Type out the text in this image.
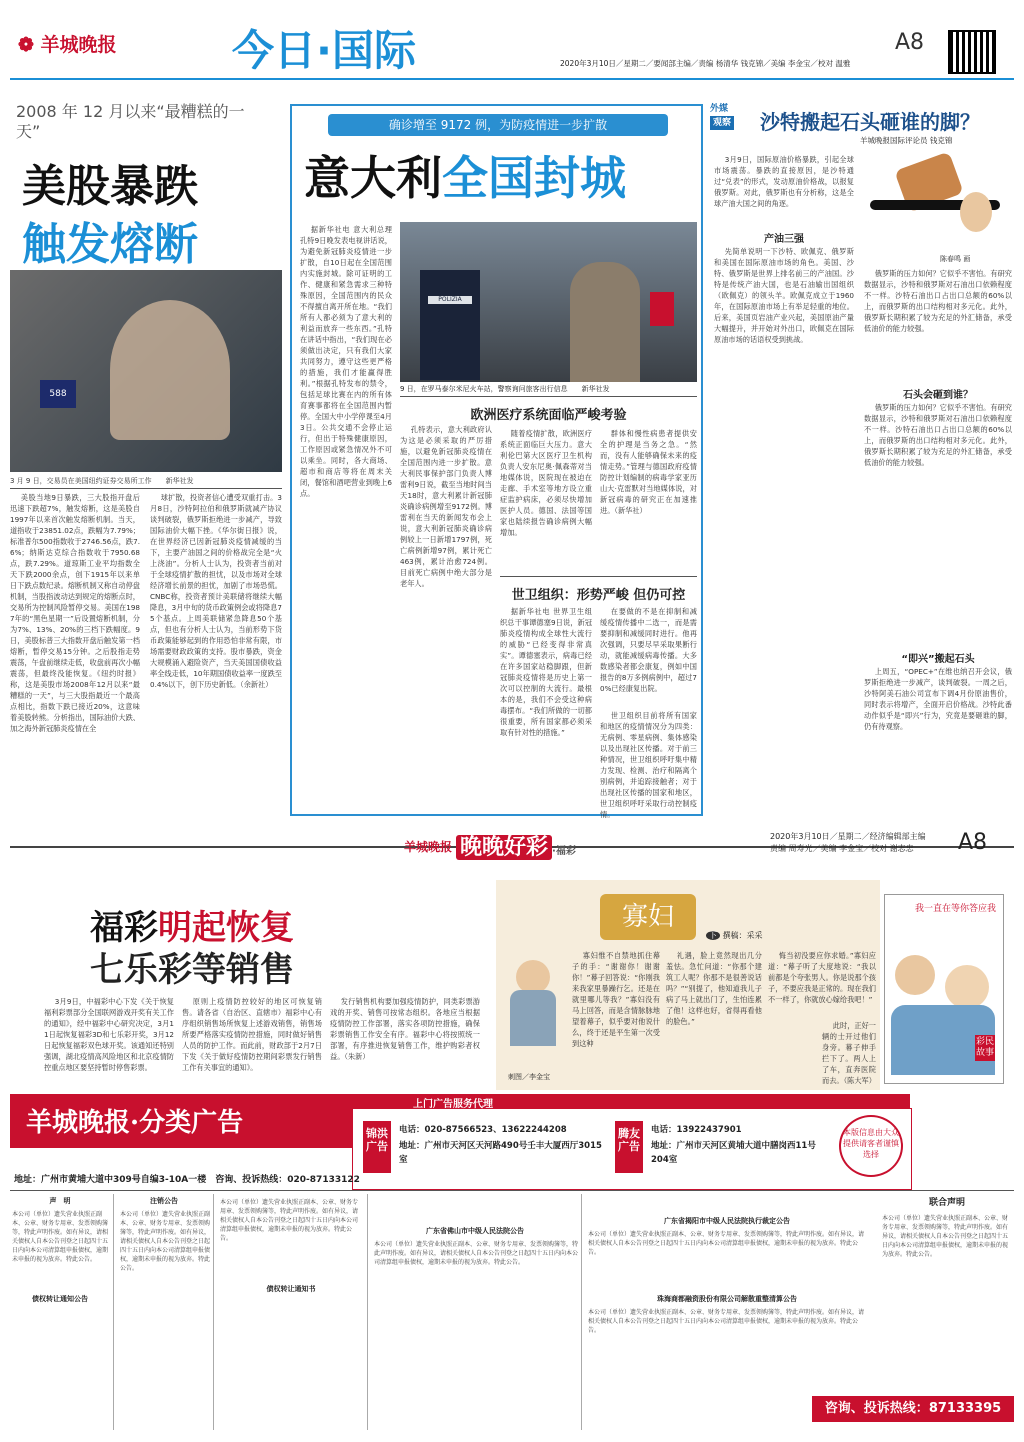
❁ 羊城晚报	今日·国际	A8
2020年3月10日／星期二／要闻部主编／责编 杨清华 钱克锦／美编 李金宝／校对 温雅
2008 年 12 月以来“最糟糕的一天”
美股暴跌
触发熔断
588
3 月 9 日，交易员在美国纽约证券交易所工作　　新华社发
美股当地9日暴跌，三大股指开盘后迅速下跌超7%，触发熔断，这是美股自1997年以来首次触发熔断机制。当天，道指收于23851.02点，跌幅为7.79%；标准普尔500指数收于2746.56点，跌7.6%；纳斯达克综合指数收于7950.68点，跌7.29%。道琼斯工业平均指数全天下跌2000余点，创下1915年以来单日下跌点数纪录。熔断机制又称自动停盘机制，当股指波动达到规定的熔断点时，交易所为控制风险暂停交易。美国在1987年的“黑色星期一”后设置熔断机制，分为7%、13%、20%的三档下跌幅度。9日，美股标普三大指数开盘后触发第一档熔断，暂停交易15分钟。之后股指走势震荡，午盘前继续走低，收盘前再次小幅震荡，但最终没能恢复。《纽约时报》称，这是美股市场2008年12月以来“最糟糕的一天”，与三大股指最近一个最高点相比，指数下跌已接近20%，这意味着美股转熊。分析指出，国际油价大跌、加之海外新冠肺炎疫情在全
球扩散，投资者信心遭受双重打击。3月8日，沙特阿拉伯和俄罗斯就减产协议谈判破裂，俄罗斯拒绝进一步减产，导致国际油价大幅下挫。《华尔街日报》说，在世界经济已因新冠肺炎疫情减缓的当下，主要产油国之间的价格战完全是“火上浇油”。分析人士认为，投资者当前对于全球疫情扩散的担忧，以及市场对全球经济增长前景的担忧，加剧了市场恐慌。CNBC称，投资者预计美联储将继续大幅降息，3月中旬的货币政策例会或将降息75个基点。上周美联储紧急降息50个基点，但也有分析人士认为，当前形势下货币政策能够起到的作用恐怕非常有限，市场需要财政政策的支持。股市暴跌，资金大规模涌入避险资产，当天美国国债收益率全线走低，10年期国债收益率一度跌至0.4%以下，创下历史新低。（余新社）
确诊增至 9172 例，为防疫情进一步扩散
意大利全国封城
据新华社电 意大利总理孔特9日晚发表电视讲话说，为避免新冠肺炎疫情进一步扩散，自10日起在全国范围内实施封城。除可证明的工作、健康和紧急需求三种特殊原因，全国范围内的民众不得擅自离开所在地。“我们所有人都必须为了意大利的利益而放弃一些东西。”孔特在讲话中指出，“我们现在必须做出决定，只有我们大家共同努力，遵守这些更严格的措施，我们才能赢得胜利。”根据孔特发布的禁令，包括足球比赛在内的所有体育赛事都将在全国范围内暂停。全国大中小学停课至4月3日。公共交通不会停止运行，但出于特殊健康原因，工作原因或紧急情况外不可以乘坐。同时，各大商场、超市和商店等将在周末关闭，餐馆和酒吧营业到晚上6点。
POLIZIA
9 日，在罗马泰尔米尼火车站，警察询问旅客出行信息　　新华社发
欧洲医疗系统面临严峻考验
孔特表示，意大利政府认为这是必须采取的严厉措施，以避免新冠肺炎疫情在全国范围内进一步扩散。意大利民事保护部门负责人博雷利9日说，截至当地时间当天18时，意大利累计新冠肺炎确诊病例增至9172例。博雷利在当天的新闻发布会上说，意大利新冠肺炎确诊病例较上一日新增1797例，死亡病例新增97例，累计死亡463例，累计治愈724例。目前死亡病例中绝大部分是老年人。
随着疫情扩散，欧洲医疗系统正面临巨大压力。意大利伦巴第大区医疗卫生机构负责人安东尼奥·佩森蒂对当地媒体说，医院现在被迫在走廊、手术室等地方设立重症监护病床，必须尽快增加医护人员。德国、法国等国家也陆续报告确诊病例大幅增加。
群体和慢性病患者提供安全的护理是当务之急。“然而，没有人能够确保未来的疫情走势。”管理与德国政府疫情防控计划编制的病毒学家亚历山大·克雷默对当地媒体说，对新冠病毒的研究正在加速推进。（新华社）
世卫组织：形势严峻 但仍可控
据新华社电 世界卫生组织总干事谭德塞9日说，新冠肺炎疫情构成全球性大流行的威胁“已经变得非常真实”。谭德塞表示，病毒已经在许多国家站稳脚跟，但新冠肺炎疫情将是历史上第一次可以控制的大流行。最根本的是，我们不会受这种病毒摆布。“我们所做的一切都很重要，所有国家都必须采取有针对性的措施。”
在要做的不是在抑制和减缓疫情传播中二选一，而是需要抑制和减缓同时进行。他再次强调，只要尽早采取果断行动，就能减缓病毒传播。大多数感染者都会康复，例如中国报告的8万多例病例中，超过70%已经康复出院。
世卫组织目前将所有国家和地区的疫情情况分为四类：无病例、零星病例、集体感染以及出现社区传播。对于前三种情况，世卫组织呼吁集中精力发现、检测、治疗和隔离个别病例，并追踪接触者；对于出现社区传播的国家和地区，世卫组织呼吁采取行动控制疫情。
外媒
观察	沙特搬起石头砸谁的脚？
羊城晚报国际评论员 钱克锦
3月9日，国际原油价格暴跌，引起全球市场震荡。暴跌的直接原因，是沙特通过“兑表”的形式，发动原油价格战，以报复俄罗斯。对此，俄罗斯也有分析称，这是全球产油大国之间的角逐。
陈春鸣 画
产油三强
先简单说明一下沙特、欧佩克、俄罗斯和美国在国际原油市场的角色。美国、沙特、俄罗斯是世界上排名前三的产油国。沙特是传统产油大国，也是石油输出国组织（欧佩克）的领头羊。欧佩克成立于1960年，在国际原油市场上有举足轻重的地位。后来，美国页岩油产业兴起，美国原油产量大幅提升，并开始对外出口，欧佩克在国际原油市场的话语权受到挑战。
石头会砸到谁？
俄罗斯的压力如何？它似乎不害怕。有研究数据显示，沙特和俄罗斯对石油出口依赖程度不一样。沙特石油出口占出口总额的60%以上，而俄罗斯的出口结构相对多元化。此外，俄罗斯长期积累了较为充足的外汇储备，承受低油价的能力较强。
俄罗斯的压力如何？它似乎不害怕。有研究数据显示，沙特和俄罗斯对石油出口依赖程度不一样。沙特石油出口占出口总额的60%以上，而俄罗斯的出口结构相对多元化。此外，俄罗斯长期积累了较为充足的外汇储备，承受低油价的能力较强。
“即兴”搬起石头
上周五，“OPEC+”在维也纳召开会议，俄罗斯拒绝进一步减产，谈判破裂。一周之后，沙特阿美石油公司宣布下调4月份原油售价，同时表示将增产，全面开启价格战。沙特此番动作似乎是“即兴”行为，究竟是要砸谁的脚，仍有待观察。
羊城晚报 晚晚好彩 ·福彩
2020年3月10日／星期二／经济编辑部主编
责编 周寿光／美编 李金宝／校对 谢志忠 A8
福彩明起恢复
七乐彩等销售
3月9日，中福彩中心下发《关于恢复福利彩票部分全国联网游戏开奖有关工作的通知》，经中福彩中心研究决定，3月11日起恢复福彩3D和七乐彩开奖，3月12日起恢复福彩双色球开奖。该通知还特别强调，湖北疫情高风险地区和北京疫情防控重点地区要坚持暂时停售彩票。
原则上疫情防控较好的地区可恢复销售。请各省（自治区、直辖市）福彩中心有序组织销售场所恢复上述游戏销售，销售场所要严格落实疫情防控措施，同时做好销售人员的防护工作。而此前，财政部于2月7日下发《关于做好疫情防控期间彩票发行销售工作有关事宜的通知》。
发行销售机构要加强疫情防护，同类彩票游戏的开奖、销售可按常态组织。各地应当根据疫情防控工作部署，落实各项防控措施，确保彩票销售工作安全有序。福彩中心将按照统一部署，有序推进恢复销售工作，维护购彩者权益。（朱新）
寡妇
下 撰稿：采采
寡妇惟不自禁地抓住幕子的手：“谢谢你！谢谢你！”幕子回答说：“你刚我来我家里暴躁行乞。还是在就里哪儿等我？”寡妇没有马上回答，而是含情脉脉地望着幕子，似乎要对他说什么，终于还是平生第一次受到这种
礼遇，脸上竟然现出几分羞怯。急忙问道：“你那个建筑工人呢？你那不是很善说话吗？”“别提了，他知道我儿子病了马上就出门了，生怕连累了他！这样也好，省得再看他的脸色。”
悔当初没要应你求婚。”寡妇应道：“幕子听了大度地说：“我以前都是个夸张男人。你是说那个孩子，不要应我是正常的。现在我们不一样了，你就放心嫁给我吧！”
此时，正好一辆的士开过他们身旁。幕子伸手拦下了。两人上了车，直奔医院而去。（陈大军）
刺图／李金宝
我一直在等你答应我
彩民故事
羊城晚报·分类广告
上门广告服务代理
锦洪广告
电话：020-87566523、13622244208
地址：广州市天河区天河路490号壬丰大厦西厅3015室
腾友广告
电话：13922437901
地址：广州市天河区黄埔大道中膳岗西11号204室
本版信息由大众提供请客者谨慎选择
地址：广州市黄埔大道中309号自编3-10A一楼　咨询、投诉热线：020-87133122
声　明
本公司（单位）遗失营业执照正副本、公章、财务专用章、发票领购簿等，特此声明作废。如有异议，请相关债权人自本公告刊登之日起四十五日内向本公司清算组申报债权，逾期未申报的视为放弃。特此公告。
债权转让通知公告
注销公告
本公司（单位）遗失营业执照正副本、公章、财务专用章、发票领购簿等，特此声明作废。如有异议，请相关债权人自本公告刊登之日起四十五日内向本公司清算组申报债权，逾期未申报的视为放弃。特此公告。
债权转让通知书
本公司（单位）遗失营业执照正副本、公章、财务专用章、发票领购簿等，特此声明作废。如有异议，请相关债权人自本公告刊登之日起四十五日内向本公司清算组申报债权，逾期未申报的视为放弃。特此公告。
广东省佛山市中级人民法院公告
本公司（单位）遗失营业执照正副本、公章、财务专用章、发票领购簿等，特此声明作废。如有异议，请相关债权人自本公告刊登之日起四十五日内向本公司清算组申报债权，逾期未申报的视为放弃。特此公告。
广东省揭阳市中级人民法院执行裁定公告
本公司（单位）遗失营业执照正副本、公章、财务专用章、发票领购簿等，特此声明作废。如有异议，请相关债权人自本公告刊登之日起四十五日内向本公司清算组申报债权，逾期未申报的视为放弃。特此公告。
珠海商都融资股份有限公司解散重整清算公告
本公司（单位）遗失营业执照正副本、公章、财务专用章、发票领购簿等，特此声明作废。如有异议，请相关债权人自本公告刊登之日起四十五日内向本公司清算组申报债权，逾期未申报的视为放弃。特此公告。
联合声明
本公司（单位）遗失营业执照正副本、公章、财务专用章、发票领购簿等，特此声明作废。如有异议，请相关债权人自本公告刊登之日起四十五日内向本公司清算组申报债权，逾期未申报的视为放弃。特此公告。
咨询、投诉热线：87133395
